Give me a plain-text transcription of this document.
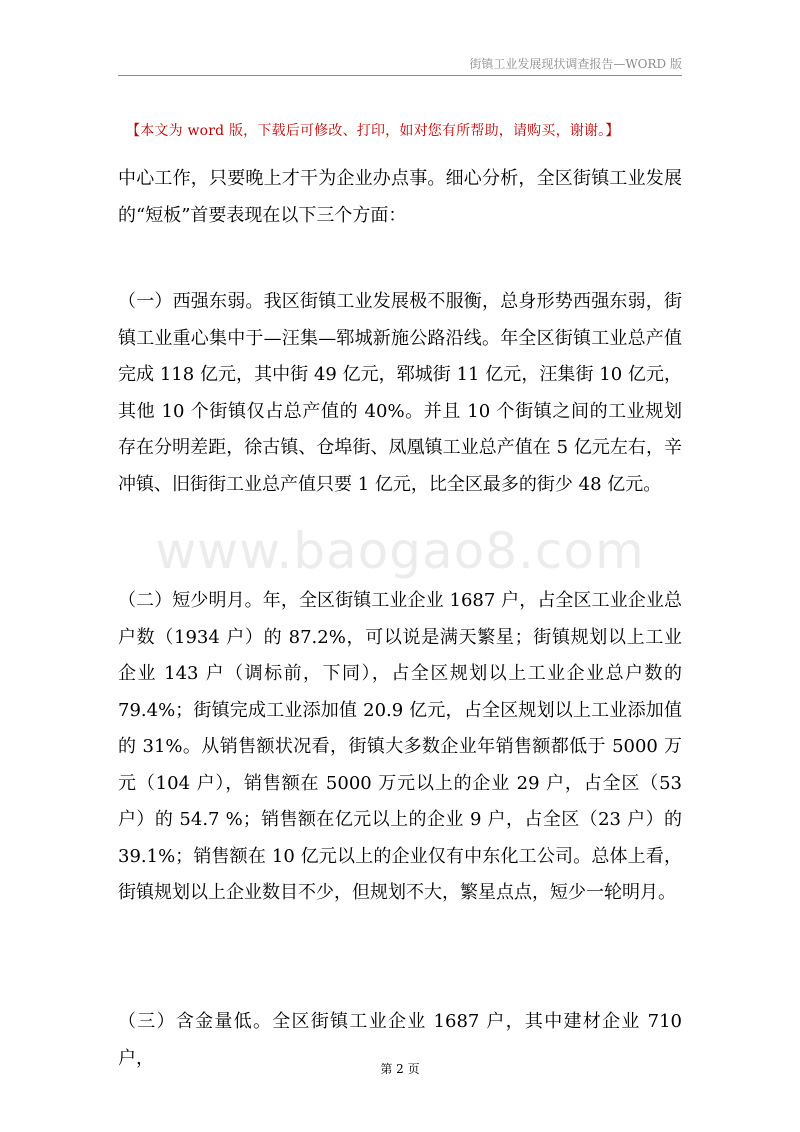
街镇工业发展现状调查报告—WORD 版
【本文为 word 版，下载后可修改、打印，如对您有所帮助，请购买，谢谢。】
www.baogao8.com

中心工作，只要晚上才干为企业办点事。细心分析，全区街镇工业发展的“短板”首要表现在以下三个方面：

（一）西强东弱。我区街镇工业发展极不服衡，总身形势西强东弱，街镇工业重心集中于—汪集—郓城新施公路沿线。年全区街镇工业总产值完成 118 亿元，其中街 49 亿元，郓城街 11 亿元，汪集街 10 亿元，其他 10 个街镇仅占总产值的 40%。并且 10 个街镇之间的工业规划存在分明差距，徐古镇、仓埠街、凤凰镇工业总产值在 5 亿元左右，辛冲镇、旧街街工业总产值只要 1 亿元，比全区最多的街少 48 亿元。

（二）短少明月。年，全区街镇工业企业 1687 户，占全区工业企业总户数（1934 户）的 87.2%，可以说是满天繁星；街镇规划以上工业企业 143 户（调标前，下同），占全区规划以上工业企业总户数的 79.4%；街镇完成工业添加值 20.9 亿元，占全区规划以上工业添加值的 31%。从销售额状况看，街镇大多数企业年销售额都低于 5000 万元（104 户），销售额在 5000 万元以上的企业 29 户，占全区（53 户）的 54.7 %；销售额在亿元以上的企业 9 户，占全区（23 户）的 39.1%；销售额在 10 亿元以上的企业仅有中东化工公司。总体上看，街镇规划以上企业数目不少，但规划不大，繁星点点，短少一轮明月。

（三）含金量低。全区街镇工业企业 1687 户，其中建材企业 710 户，

第 2 页
